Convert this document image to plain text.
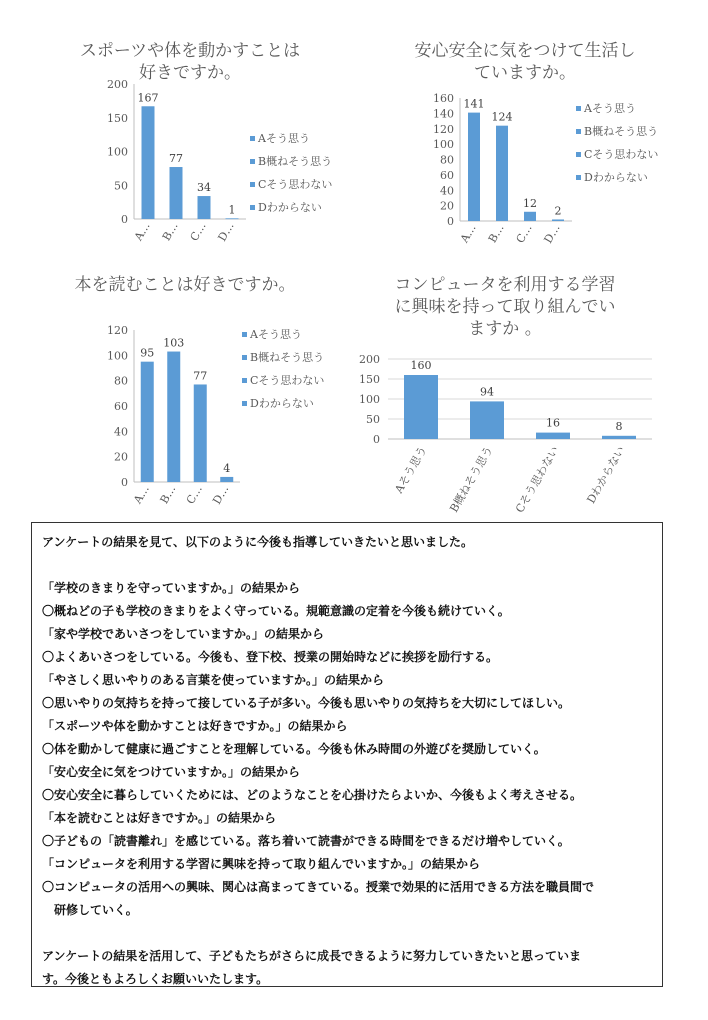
スポーツや体を動かすことは
好きですか。
0
50
100
150
200
167
A…
77
B…
34
C…
1
D…
Aそう思う
B概ねそう思う
Cそう思わない
Dわからない
安心安全に気をつけて生活し
ていますか。
0
20
40
60
80
100
120
140
160 141
A…
124
B…
12
C…
2
D…
Aそう思う
B概ねそう思う
Cそう思わない
Dわからない
本を読むことは好きですか。
0
20
40
60
80
100
120
95
A…
103
B…
77
C…
4
D…
Aそう思う
B概ねそう思う
Cそう思わない
Dわからない
コンピュータを利用する学習
に興味を持って取り組んでい
ますか 。
0
50
100
150
200	160
Aそう思う
94
B概ねそう思う
16
Cそう思わない
8
Dわからない
アンケートの結果を見て、以下のように今後も指導していきたいと思いました。
「学校のきまりを守っていますか。」の結果から
〇概ねどの子も学校のきまりをよく守っている。規範意識の定着を今後も続けていく。
「家や学校であいさつをしていますか。」の結果から
〇よくあいさつをしている。今後も、登下校、授業の開始時などに挨拶を励行する。
「やさしく思いやりのある言葉を使っていますか。」の結果から
〇思いやりの気持ちを持って接している子が多い。今後も思いやりの気持ちを大切にしてほしい。
「スポーツや体を動かすことは好きですか。」の結果から
〇体を動かして健康に過ごすことを理解している。今後も休み時間の外遊びを奨励していく。
「安心安全に気をつけていますか。」の結果から
〇安心安全に暮らしていくためには、どのようなことを心掛けたらよいか、今後もよく考えさせる。
「本を読むことは好きですか。」の結果から
〇子どもの「読書離れ」を感じている。落ち着いて読書ができる時間をできるだけ増やしていく。
「コンピュータを利用する学習に興味を持って取り組んでいますか。」の結果から
〇コンピュータの活用への興味、関心は高まってきている。授業で効果的に活用できる方法を職員間で
研修していく。
アンケートの結果を活用して、子どもたちがさらに成長できるように努力していきたいと思っていま
す。今後ともよろしくお願いいたします。
